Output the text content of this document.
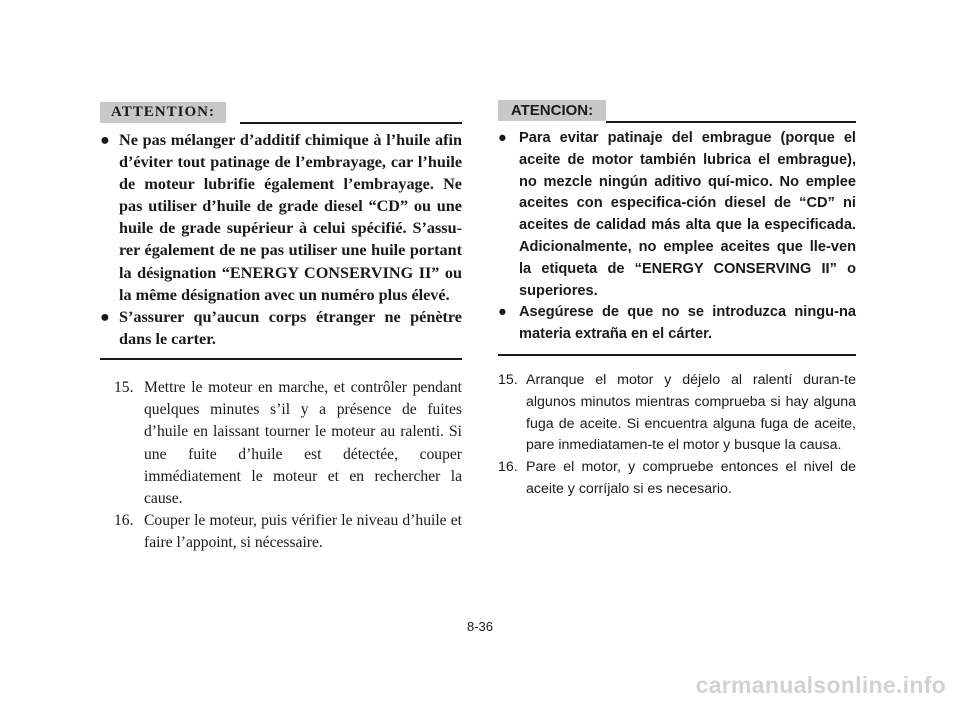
ATTENTION:
● Ne pas mélanger d’additif chimique à l’huile afin d’éviter tout patinage de l’embrayage, car l’huile de moteur lubrifie également l’embrayage. Ne pas utiliser d’huile de grade diesel “CD” ou une huile de grade supérieur à celui spécifié. S’assu-rer également de ne pas utiliser une huile portant la désignation “ENERGY CONSERVING II” ou la même désignation avec un numéro plus élevé.
● S’assurer qu’aucun corps étranger ne pénètre dans le carter.
15. Mettre le moteur en marche, et contrôler pendant quelques minutes s’il y a présence de fuites d’huile en laissant tourner le moteur au ralenti. Si une fuite d’huile est détectée, couper immédiatement le moteur et en rechercher la cause.
16. Couper le moteur, puis vérifier le niveau d’huile et faire l’appoint, si nécessaire.
ATENCION:
● Para evitar patinaje del embrague (porque el aceite de motor también lubrica el embrague), no mezcle ningún aditivo quí-mico. No emplee aceites con especifica-ción diesel de “CD” ni aceites de calidad más alta que la especificada. Adicionalmente, no emplee aceites que lle-ven la etiqueta de “ENERGY CONSERVING II” o superiores.
● Asegúrese de que no se introduzca ningu-na materia extraña en el cárter.
15. Arranque el motor y déjelo al ralentí duran-te algunos minutos mientras comprueba si hay alguna fuga de aceite. Si encuentra alguna fuga de aceite, pare inmediatamen-te el motor y busque la causa.
16. Pare el motor, y compruebe entonces el nivel de aceite y corríjalo si es necesario.
8-36
carmanualsonline.info
